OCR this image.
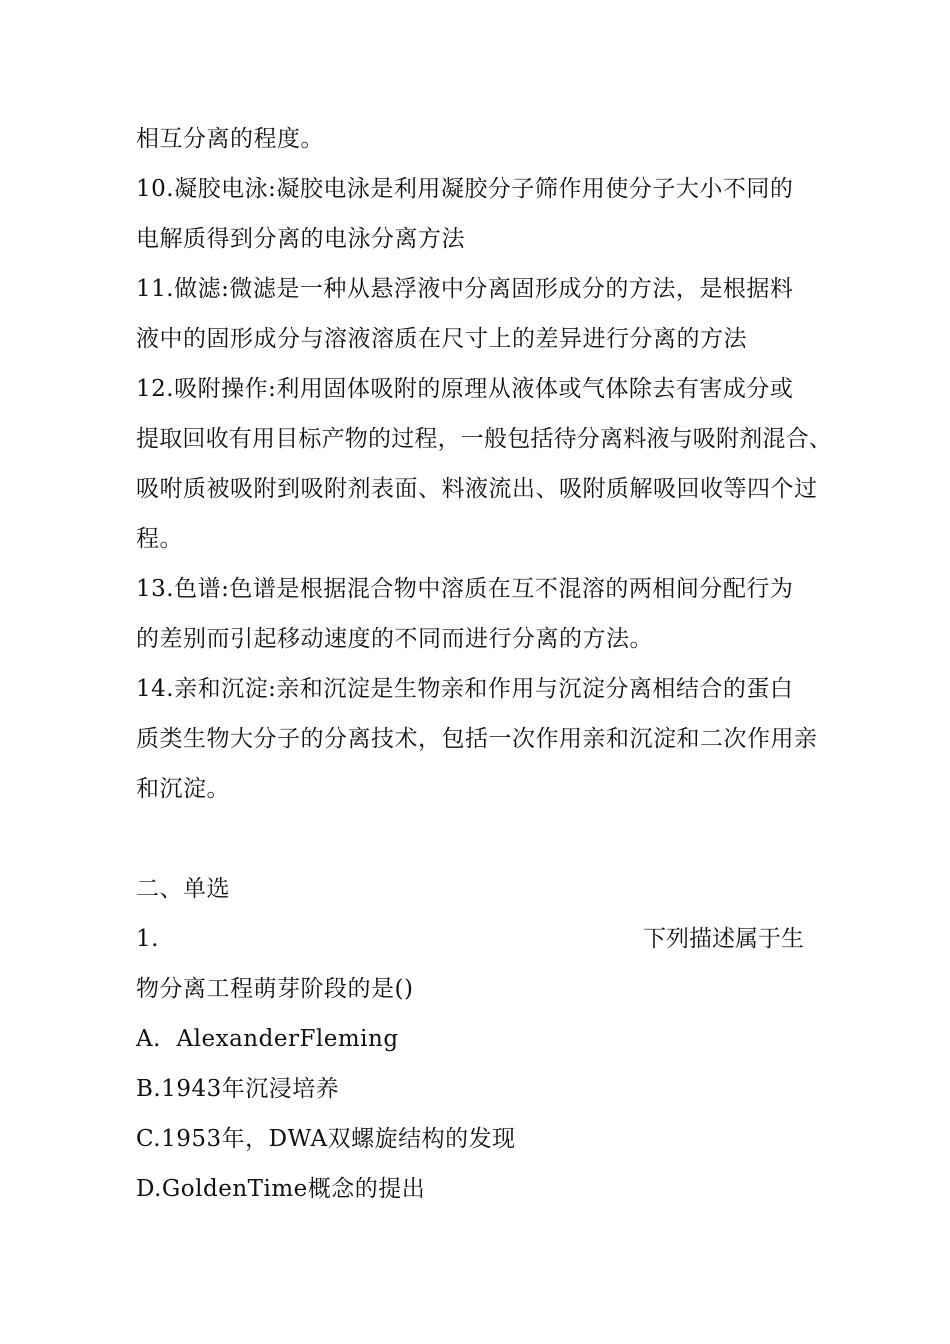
相互分离的程度。
10.凝胶电泳:凝胶电泳是利用凝胶分子筛作用使分子大小不同的
电解质得到分离的电泳分离方法
11.做滤:微滤是一种从悬浮液中分离固形成分的方法，是根据料
液中的固形成分与溶液溶质在尺寸上的差异进行分离的方法
12.吸附操作:利用固体吸附的原理从液体或气体除去有害成分或
提取回收有用目标产物的过程，一般包括待分离料液与吸附剂混合、
吸咐质被吸附到吸附剂表面、料液流出、吸附质解吸回收等四个过
程。
13.色谱:色谱是根据混合物中溶质在互不混溶的两相间分配行为
的差别而引起移动速度的不同而进行分离的方法。
14.亲和沉淀:亲和沉淀是生物亲和作用与沉淀分离相结合的蛋白
质类生物大分子的分离技术，包括一次作用亲和沉淀和二次作用亲
和沉淀。
二、单选
1.	下列描述属于生
物分离工程萌芽阶段的是()
A.  AlexanderFleming
B.1943年沉浸培养
C.1953年，DWA双螺旋结构的发现
D.GoldenTime概念的提出
